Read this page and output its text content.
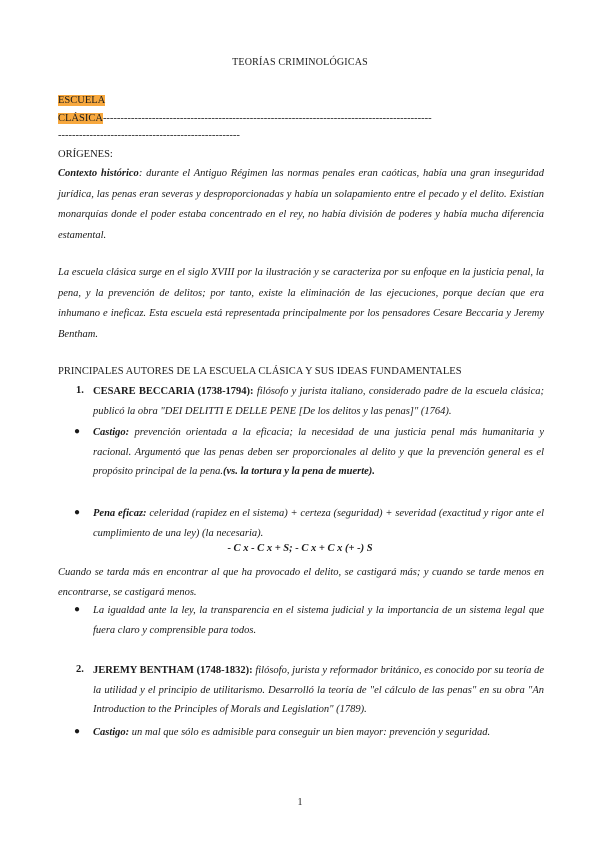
TEORÍAS CRIMINOLÓGICAS
ESCUELA
CLÁSICA----------------------------------------------------------------------------------------------
----------------------------------------------------
ORÍGENES:
Contexto histórico: durante el Antiguo Régimen las normas penales eran caóticas, había una gran inseguridad jurídica, las penas eran severas y desproporcionadas y había un solapamiento entre el pecado y el delito. Existían monarquías donde el poder estaba concentrado en el rey, no había división de poderes y había mucha diferencia estamental.
La escuela clásica surge en el siglo XVIII por la ilustración y se caracteriza por su enfoque en la justicia penal, la pena, y la prevención de delitos; por tanto, existe la eliminación de las ejecuciones, porque decían que era inhumano e ineficaz. Esta escuela está representada principalmente por los pensadores Cesare Beccaria y Jeremy Bentham.
PRINCIPALES AUTORES DE LA ESCUELA CLÁSICA Y SUS IDEAS FUNDAMENTALES
1. CESARE BECCARIA (1738-1794): filósofo y jurista italiano, considerado padre de la escuela clásica; publicó la obra "DEI DELITTI E DELLE PENE [De los delitos y las penas]" (1764).
● Castigo: prevención orientada a la eficacia; la necesidad de una justicia penal más humanitaria y racional. Argumentó que las penas deben ser proporcionales al delito y que la prevención general es el propósito principal de la pena.(vs. la tortura y la pena de muerte).
● Pena eficaz: celeridad (rapidez en el sistema) + certeza (seguridad) + severidad (exactitud y rigor ante el cumplimiento de una ley) (la necesaria).
- C x - C x + S; - C x + C x (+ -) S
Cuando se tarda más en encontrar al que ha provocado el delito, se castigará más; y cuando se tarde menos en encontrarse, se castigará menos.
● La igualdad ante la ley, la transparencia en el sistema judicial y la importancia de un sistema legal que fuera claro y comprensible para todos.
2. JEREMY BENTHAM (1748-1832): filósofo, jurista y reformador británico, es conocido por su teoría de la utilidad y el principio de utilitarismo. Desarrolló la teoría de "el cálculo de las penas" en su obra "An Introduction to the Principles of Morals and Legislation" (1789).
● Castigo: un mal que sólo es admisible para conseguir un bien mayor: prevención y seguridad.
1
